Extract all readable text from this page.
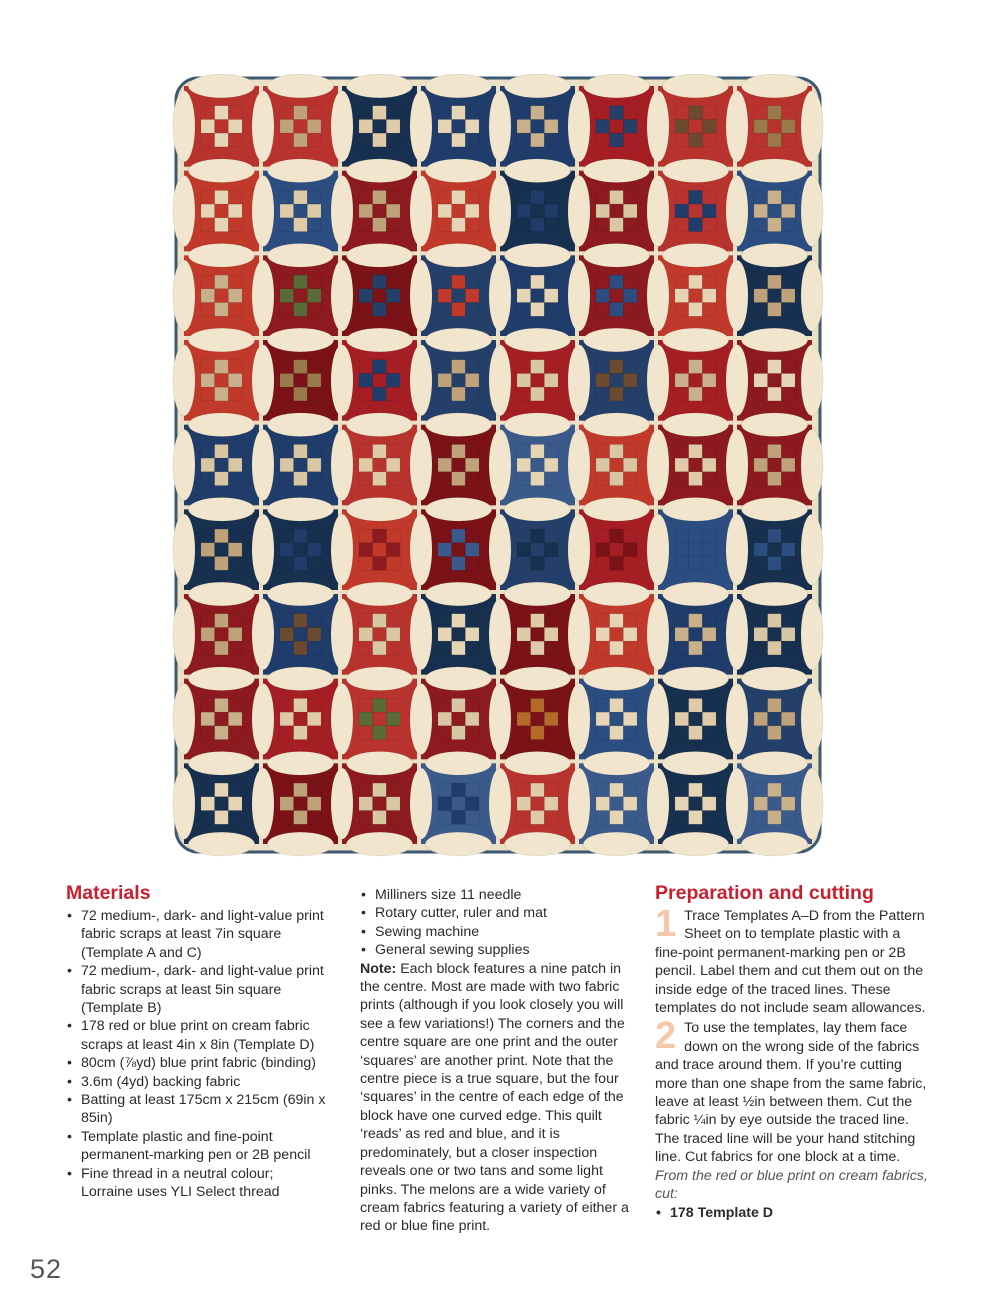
Materials
• 72 medium-, dark- and light-value print fabric scraps at least 7in square (Template A and C)
• 72 medium-, dark- and light-value print fabric scraps at least 5in square (Template B)
• 178 red or blue print on cream fabric scraps at least 4in x 8in (Template D)
• 80cm (⅞yd) blue print fabric (binding)
• 3.6m (4yd) backing fabric
• Batting at least 175cm x 215cm (69in x 85in)
• Template plastic and fine-point permanent-marking pen or 2B pencil
• Fine thread in a neutral colour; Lorraine uses YLI Select thread
• Milliners size 11 needle
• Rotary cutter, ruler and mat
• Sewing machine
• General sewing supplies

Note: Each block features a nine patch in the centre. Most are made with two fabric prints (although if you look closely you will see a few variations!) The corners and the centre square are one print and the outer ‘squares’ are another print. Note that the centre piece is a true square, but the four ‘squares’ in the centre of each edge of the block have one curved edge. This quilt ‘reads’ as red and blue, and it is predominately, but a closer inspection reveals one or two tans and some light pinks. The melons are a wide variety of cream fabrics featuring a variety of either a red or blue fine print.

Preparation and cutting
1 Trace Templates A–D from the Pattern Sheet on to template plastic with a fine-point permanent-marking pen or 2B pencil. Label them and cut them out on the inside edge of the traced lines. These templates do not include seam allowances.
2 To use the templates, lay them face down on the wrong side of the fabrics and trace around them. If you’re cutting more than one shape from the same fabric, leave at least ½in between them. Cut the fabric ¼in by eye outside the traced line. The traced line will be your hand stitching line. Cut fabrics for one block at a time.

From the red or blue print on cream fabrics, cut:

• 178 Template D
52
